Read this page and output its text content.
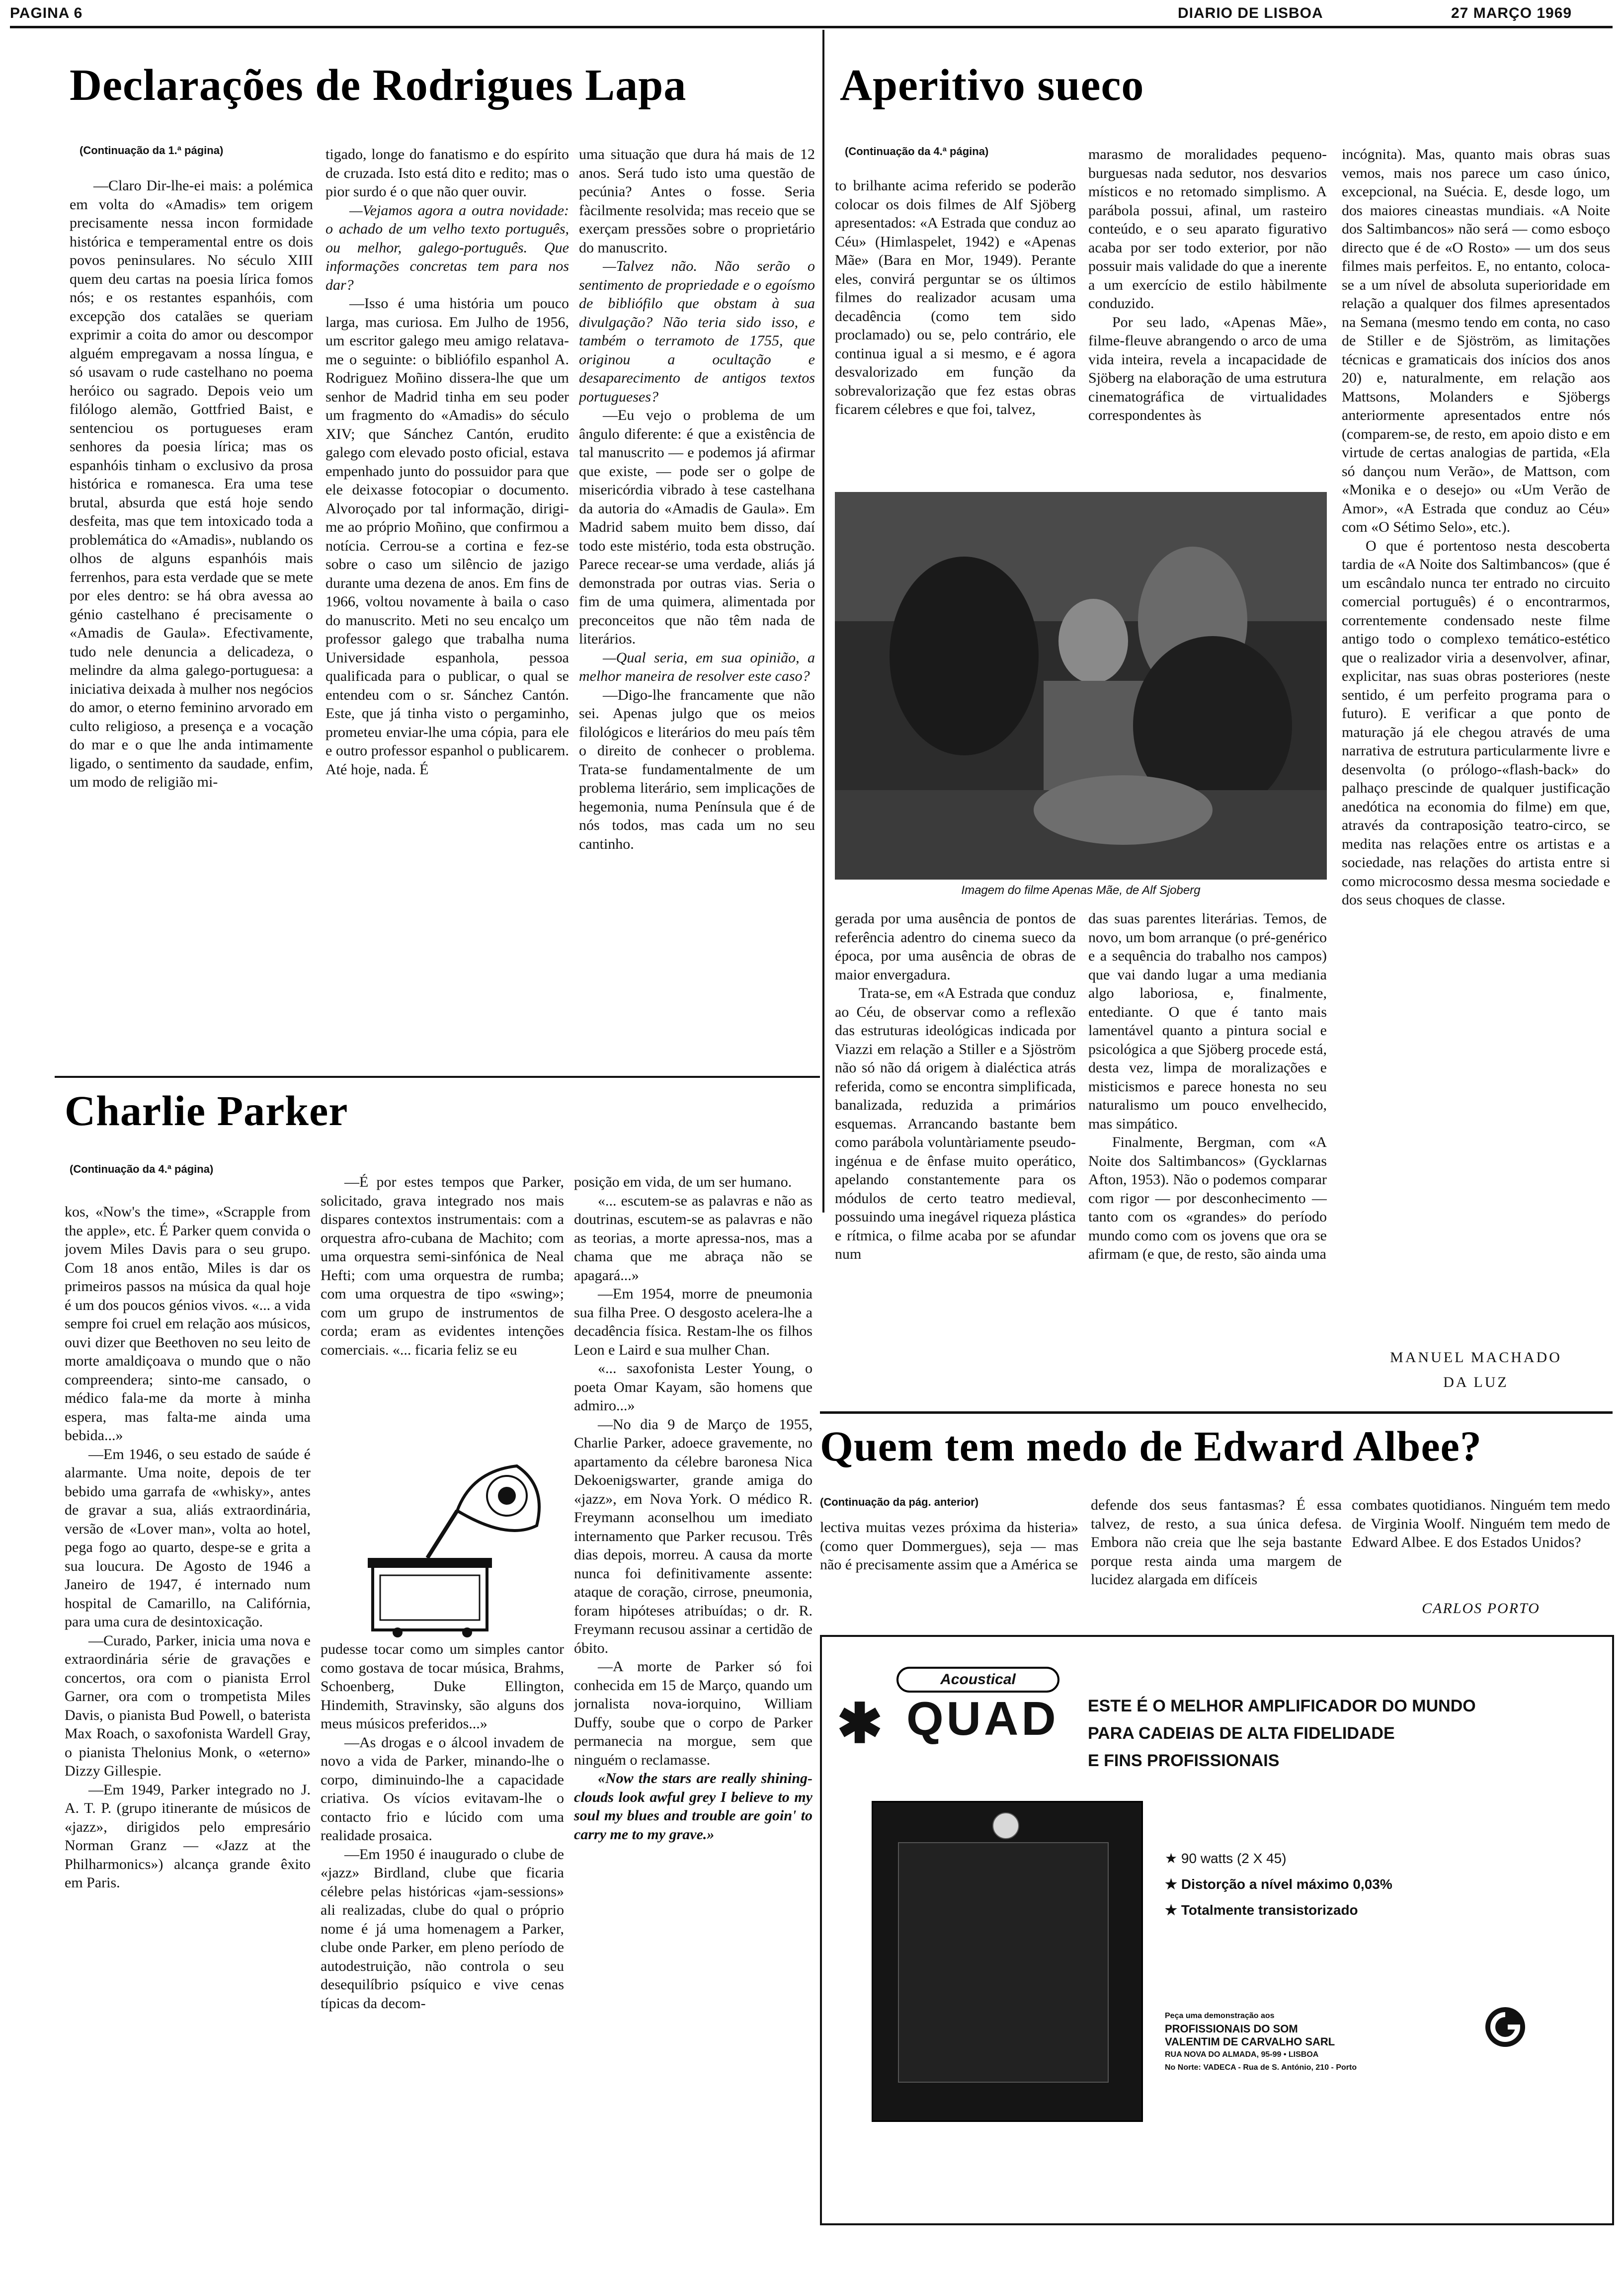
PAGINA 6	DIARIO DE LISBOA	27 MARÇO 1969
Declarações de Rodrigues Lapa
(Continuação da 1.ª página)

—Claro Dir-lhe-ei mais: a polémica em volta do «Amadis» tem origem precisamente nessa incon formidade histórica e temperamental entre os dois povos peninsulares. No século XIII quem deu cartas na poesia lírica fomos nós; e os restantes espanhóis, com excepção dos catalães se queriam exprimir a coita do amor ou descompor alguém empregavam a nossa língua, e só usavam o rude castelhano no poema heróico ou sagrado. Depois veio um filólogo alemão, Gottfried Baist, e sentenciou os portugueses eram senhores da poesia lírica; mas os espanhóis tinham o exclusivo da prosa histórica e romanesca. Era uma tese brutal, absurda que está hoje sendo desfeita, mas que tem intoxicado toda a problemática do «Amadis», nublando os olhos de alguns espanhóis mais ferrenhos, para esta verdade que se mete por eles dentro: se há obra avessa ao génio castelhano é precisamente o «Amadis de Gaula». Efectivamente, tudo nele denuncia a delicadeza, o melindre da alma galego-portuguesa: a iniciativa deixada à mulher nos negócios do amor, o eterno feminino arvorado em culto religioso, a presença e a vocação do mar e o que lhe anda intimamente ligado, o sentimento da saudade, enfim, um modo de religião mi-

tigado, longe do fanatismo e do espírito de cruzada. Isto está dito e redito; mas o pior surdo é o que não quer ouvir.

—Vejamos agora a outra novidade: o achado de um velho texto português, ou melhor, galego-português. Que informações concretas tem para nos dar?

—Isso é uma história um pouco larga, mas curiosa. Em Julho de 1956, um escritor galego meu amigo relatava-me o seguinte: o bibliófilo espanhol A. Rodriguez Moñino dissera-lhe que um senhor de Madrid tinha em seu poder um fragmento do «Amadis» do século XIV; que Sánchez Cantón, erudito galego com elevado posto oficial, estava empenhado junto do possuidor para que ele deixasse fotocopiar o documento. Alvoroçado por tal informação, dirigi-me ao próprio Moñino, que confirmou a notícia. Cerrou-se a cortina e fez-se sobre o caso um silêncio de jazigo durante uma dezena de anos. Em fins de 1966, voltou novamente à baila o caso do manuscrito. Meti no seu encalço um professor galego que trabalha numa Universidade espanhola, pessoa qualificada para o publicar, o qual se entendeu com o sr. Sánchez Cantón. Este, que já tinha visto o pergaminho, prometeu enviar-lhe uma cópia, para ele e outro professor espanhol o publicarem. Até hoje, nada. É

uma situação que dura há mais de 12 anos. Será tudo isto uma questão de pecúnia? Antes o fosse. Seria fàcilmente resolvida; mas receio que se exerçam pressões sobre o proprietário do manuscrito.

—Talvez não. Não serão o sentimento de propriedade e o egoísmo de bibliófilo que obstam à sua divulgação? Não teria sido isso, e também o terramoto de 1755, que originou a ocultação e desaparecimento de antigos textos portugueses?

—Eu vejo o problema de um ângulo diferente: é que a existência de tal manuscrito — e podemos já afirmar que existe, — pode ser o golpe de misericórdia vibrado à tese castelhana da autoria do «Amadis de Gaula». Em Madrid sabem muito bem disso, daí todo este mistério, toda esta obstrução. Parece recear-se uma verdade, aliás já demonstrada por outras vias. Seria o fim de uma quimera, alimentada por preconceitos que não têm nada de literários.

—Qual seria, em sua opinião, a melhor maneira de resolver este caso?

—Digo-lhe francamente que não sei. Apenas julgo que os meios filológicos e literários do meu país têm o direito de conhecer o problema. Trata-se fundamentalmente de um problema literário, sem implicações de hegemonia, numa Península que é de nós todos, mas cada um no seu cantinho.

Aperitivo sueco
(Continuação da 4.ª página)

to brilhante acima referido se poderão colocar os dois filmes de Alf Sjöberg apresentados: «A Estrada que conduz ao Céu» (Himlaspelet, 1942) e «Apenas Mãe» (Bara en Mor, 1949). Perante eles, convirá perguntar se os últimos filmes do realizador acusam uma decadência (como tem sido proclamado) ou se, pelo contrário, ele continua igual a si mesmo, e é agora desvalorizado em função da sobrevalorização que fez estas obras ficarem célebres e que foi, talvez,

marasmo de moralidades pequeno-burguesas nada sedutor, nos desvarios místicos e no retomado simplismo. A parábola possui, afinal, um rasteiro conteúdo, e o seu aparato figurativo acaba por ser todo exterior, por não possuir mais validade do que a inerente a um exercício de estilo hàbilmente conduzido.

Por seu lado, «Apenas Mãe», filme-fleuve abrangendo o arco de uma vida inteira, revela a incapacidade de Sjöberg na elaboração de uma estrutura cinematográfica de virtualidades correspondentes às

Imagem do filme Apenas Mãe, de Alf Sjoberg

gerada por uma ausência de pontos de referência adentro do cinema sueco da época, por uma ausência de obras de maior envergadura.

Trata-se, em «A Estrada que conduz ao Céu, de observar como a reflexão das estruturas ideológicas indicada por Viazzi em relação a Stiller e a Sjöström não só não dá origem à dialéctica atrás referida, como se encontra simplificada, banalizada, reduzida a primários esquemas. Arrancando bastante bem como parábola voluntàriamente pseudo-ingénua e de ênfase muito operático, apelando constantemente para os módulos de certo teatro medieval, possuindo uma inegável riqueza plástica e rítmica, o filme acaba por se afundar num

das suas parentes literárias. Temos, de novo, um bom arranque (o pré-genérico e a sequência do trabalho nos campos) que vai dando lugar a uma mediania algo laboriosa, e, finalmente, entediante. O que é tanto mais lamentável quanto a pintura social e psicológica a que Sjöberg procede está, desta vez, limpa de moralizações e misticismos e parece honesta no seu naturalismo um pouco envelhecido, mas simpático.

Finalmente, Bergman, com «A Noite dos Saltimbancos» (Gycklarnas Afton, 1953). Não o podemos comparar com rigor — por desconhecimento — tanto com os «grandes» do período mundo como com os jovens que ora se afirmam (e que, de resto, são ainda uma

incógnita). Mas, quanto mais obras suas vemos, mais nos parece um caso único, excepcional, na Suécia. E, desde logo, um dos maiores cineastas mundiais. «A Noite dos Saltimbancos» não será — como esboço directo que é de «O Rosto» — um dos seus filmes mais perfeitos. E, no entanto, coloca-se a um nível de absoluta superioridade em relação a qualquer dos filmes apresentados na Semana (mesmo tendo em conta, no caso de Stiller e de Sjöström, as limitações técnicas e gramaticais dos inícios dos anos 20) e, naturalmente, em relação aos Mattsons, Molanders e Sjöbergs anteriormente apresentados entre nós (comparem-se, de resto, em apoio disto e em virtude de certas analogias de partida, «Ela só dançou num Verão», de Mattson, com «Monika e o desejo» ou «Um Verão de Amor», «A Estrada que conduz ao Céu» com «O Sétimo Selo», etc.).

O que é portentoso nesta descoberta tardia de «A Noite dos Saltimbancos» (que é um escândalo nunca ter entrado no circuito comercial português) é o encontrarmos, correntemente condensado neste filme antigo todo o complexo temático-estético que o realizador viria a desenvolver, afinar, explicitar, nas suas obras posteriores (neste sentido, é um perfeito programa para o futuro). E verificar a que ponto de maturação já ele chegou através de uma narrativa de estrutura particularmente livre e desenvolta (o prólogo-«flash-back» do palhaço prescinde de qualquer justificação anedótica na economia do filme) em que, através da contraposição teatro-circo, se medita nas relações entre os artistas e a sociedade, nas relações do artista entre si como microcosmo dessa mesma sociedade e dos seus choques de classe.

MANUEL MACHADO
DA LUZ
Charlie Parker
(Continuação da 4.ª página)

kos, «Now's the time», «Scrapple from the apple», etc. É Parker quem convida o jovem Miles Davis para o seu grupo. Com 18 anos então, Miles is dar os primeiros passos na música da qual hoje é um dos poucos génios vivos. «... a vida sempre foi cruel em relação aos músicos, ouvi dizer que Beethoven no seu leito de morte amaldiçoava o mundo que o não compreendera; sinto-me cansado, o médico fala-me da morte à minha espera, mas falta-me ainda uma bebida...»

—Em 1946, o seu estado de saúde é alarmante. Uma noite, depois de ter bebido uma garrafa de «whisky», antes de gravar a sua, aliás extraordinária, versão de «Lover man», volta ao hotel, pega fogo ao quarto, despe-se e grita a sua loucura. De Agosto de 1946 a Janeiro de 1947, é internado num hospital de Camarillo, na Califórnia, para uma cura de desintoxicação.

—Curado, Parker, inicia uma nova e extraordinária série de gravações e concertos, ora com o pianista Errol Garner, ora com o trompetista Miles Davis, o pianista Bud Powell, o baterista Max Roach, o saxofonista Wardell Gray, o pianista Thelonius Monk, o «eterno» Dizzy Gillespie.

—Em 1949, Parker integrado no J. A. T. P. (grupo itinerante de músicos de «jazz», dirigidos pelo empresário Norman Granz — «Jazz at the Philharmonics») alcança grande êxito em Paris.

—É por estes tempos que Parker, solicitado, grava integrado nos mais dispares contextos instrumentais: com a orquestra afro-cubana de Machito; com uma orquestra semi-sinfónica de Neal Hefti; com uma orquestra de rumba; com uma orquestra de tipo «swing»; com um grupo de instrumentos de corda; eram as evidentes intenções comerciais. «... ficaria feliz se eu

pudesse tocar como um simples cantor como gostava de tocar música, Brahms, Schoenberg, Duke Ellington, Hindemith, Stravinsky, são alguns dos meus músicos preferidos...»

—As drogas e o álcool invadem de novo a vida de Parker, minando-lhe o corpo, diminuindo-lhe a capacidade criativa. Os vícios evitavam-lhe o contacto frio e lúcido com uma realidade prosaica.

—Em 1950 é inaugurado o clube de «jazz» Birdland, clube que ficaria célebre pelas históricas «jam-sessions» ali realizadas, clube do qual o próprio nome é já uma homenagem a Parker, clube onde Parker, em pleno período de autodestruição, não controla o seu desequilíbrio psíquico e vive cenas típicas da decom-

posição em vida, de um ser humano.

«... escutem-se as palavras e não as doutrinas, escutem-se as palavras e não as teorias, a morte apressa-nos, mas a chama que me abraça não se apagará...»

—Em 1954, morre de pneumonia sua filha Pree. O desgosto acelera-lhe a decadência física. Restam-lhe os filhos Leon e Laird e sua mulher Chan.

«... saxofonista Lester Young, o poeta Omar Kayam, são homens que admiro...»

—No dia 9 de Março de 1955, Charlie Parker, adoece gravemente, no apartamento da célebre baronesa Nica Dekoenigswarter, grande amiga do «jazz», em Nova York. O médico R. Freymann aconselhou um imediato internamento que Parker recusou. Três dias depois, morreu. A causa da morte nunca foi definitivamente assente: ataque de coração, cirrose, pneumonia, foram hipóteses atribuídas; o dr. R. Freymann recusou assinar a certidão de óbito.

—A morte de Parker só foi conhecida em 15 de Março, quando um jornalista nova-iorquino, William Duffy, soube que o corpo de Parker permanecia na morgue, sem que ninguém o reclamasse.

«Now the stars are really shining-clouds look awful grey I believe to my soul my blues and trouble are goin' to carry me to my grave.»

Quem tem medo de Edward Albee?
(Continuação da pág. anterior)

lectiva muitas vezes próxima da histeria» (como quer Dommergues), seja — mas não é precisamente assim que a América se

defende dos seus fantasmas? É essa talvez, de resto, a sua única defesa. Embora não creia que lhe seja bastante porque resta ainda uma margem de lucidez alargada em difíceis

combates quotidianos. Ninguém tem medo de Virginia Woolf. Ninguém tem medo de Edward Albee. E dos Estados Unidos?

CARLOS PORTO
Acoustical
✱ QUAD ESTE É O MELHOR AMPLIFICADOR DO MUNDO
PARA CADEIAS DE ALTA FIDELIDADE
E FINS PROFISSIONAIS
★ 90 watts (2 X 45)
★ Distorção a nível máximo 0,03%
★ Totalmente transistorizado
Peça uma demonstração aos
PROFISSIONAIS DO SOM
VALENTIM DE CARVALHO SARL
RUA NOVA DO ALMADA, 95-99 • LISBOA
No Norte: VADECA - Rua de S. António, 210 - Porto
